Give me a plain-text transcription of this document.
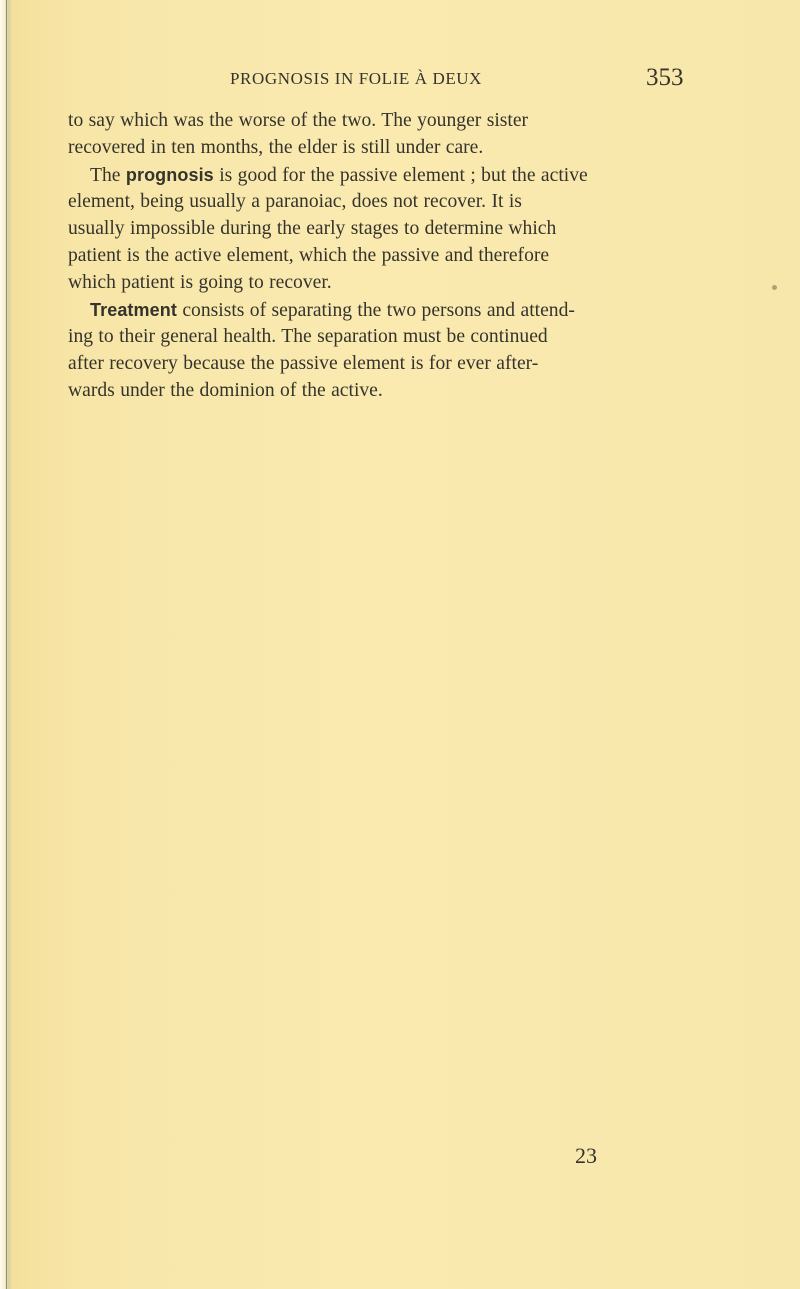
PROGNOSIS IN FOLIE À DEUX	353
to say which was the worse of the two. The younger sister
recovered in ten months, the elder is still under care.
The prognosis is good for the passive element ; but the active
element, being usually a paranoiac, does not recover. It is
usually impossible during the early stages to determine which
patient is the active element, which the passive and therefore
which patient is going to recover.
Treatment consists of separating the two persons and attend-
ing to their general health. The separation must be continued
after recovery because the passive element is for ever after-
wards under the dominion of the active.
23
